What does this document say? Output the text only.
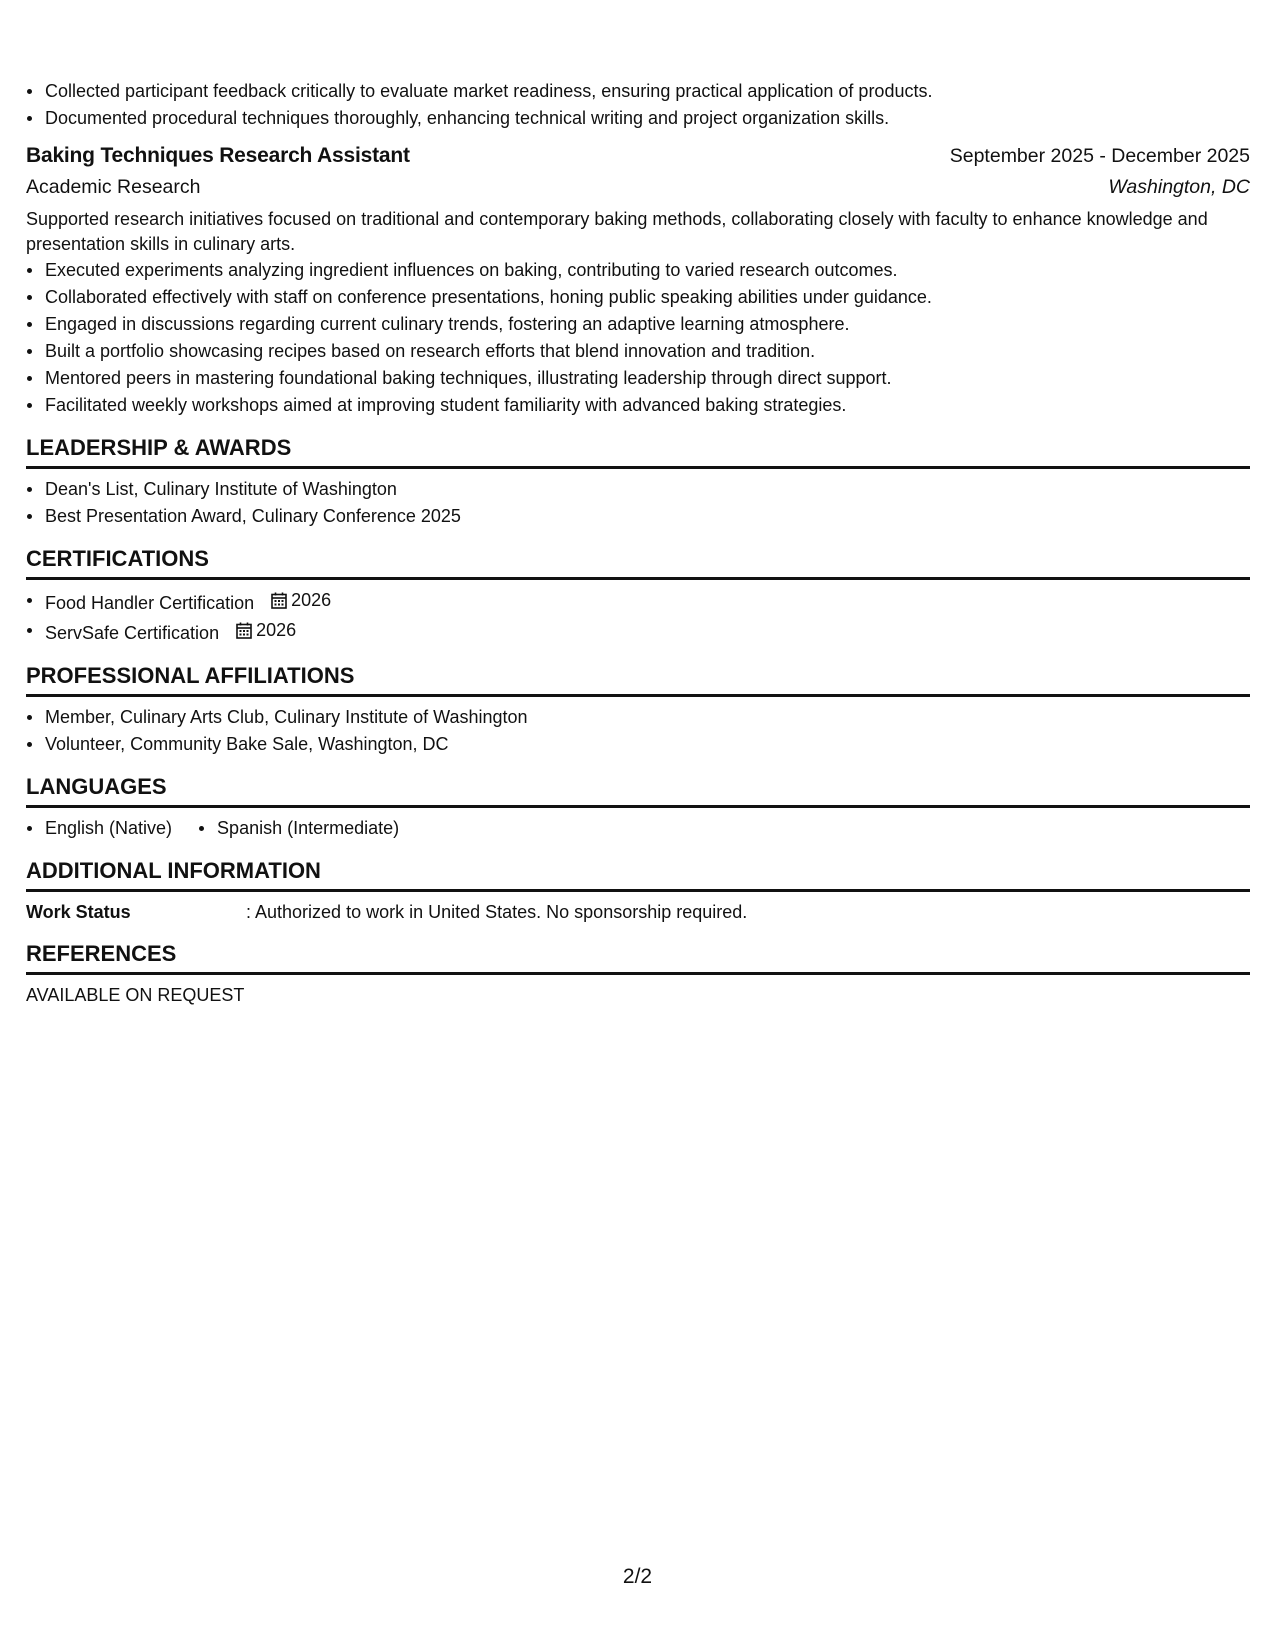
Collected participant feedback critically to evaluate market readiness, ensuring practical application of products.
Documented procedural techniques thoroughly, enhancing technical writing and project organization skills.
Baking Techniques Research Assistant	September 2025 - December 2025
Academic Research	Washington, DC
Supported research initiatives focused on traditional and contemporary baking methods, collaborating closely with faculty to enhance knowledge and presentation skills in culinary arts.
Executed experiments analyzing ingredient influences on baking, contributing to varied research outcomes.
Collaborated effectively with staff on conference presentations, honing public speaking abilities under guidance.
Engaged in discussions regarding current culinary trends, fostering an adaptive learning atmosphere.
Built a portfolio showcasing recipes based on research efforts that blend innovation and tradition.
Mentored peers in mastering foundational baking techniques, illustrating leadership through direct support.
Facilitated weekly workshops aimed at improving student familiarity with advanced baking strategies.
LEADERSHIP & AWARDS
Dean's List, Culinary Institute of Washington
Best Presentation Award, Culinary Conference 2025
CERTIFICATIONS
Food Handler Certification 2026
ServSafe Certification 2026
PROFESSIONAL AFFILIATIONS
Member, Culinary Arts Club, Culinary Institute of Washington
Volunteer, Community Bake Sale, Washington, DC
LANGUAGES
English (Native)	Spanish (Intermediate)
ADDITIONAL INFORMATION
Work Status	: Authorized to work in United States. No sponsorship required.
REFERENCES
AVAILABLE ON REQUEST
2/2
